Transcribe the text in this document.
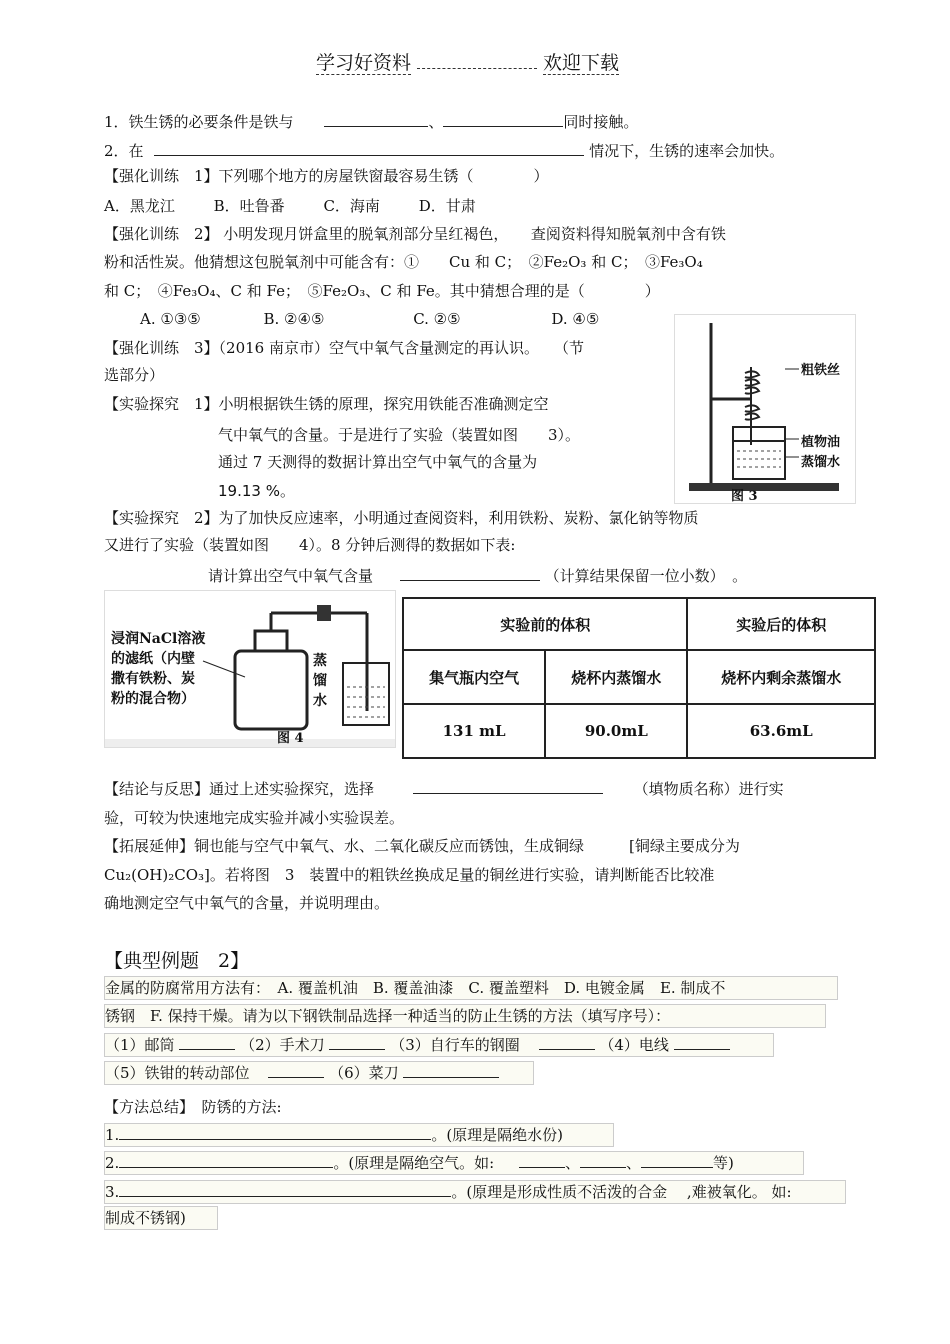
学习好资料	欢迎下载
1．铁生锈的必要条件是铁与	、	同时接触。
2．在	情况下，生锈的速率会加快。
【强化训练　1】下列哪个地方的房屋铁窗最容易生锈（　　　　）
A．黑龙江	B．吐鲁番	C．海南	D．甘肃
【强化训练　2】 小明发现月饼盒里的脱氧剂部分呈红褐色，　　查阅资料得知脱氧剂中含有铁
粉和活性炭。他猜想这包脱氧剂中可能含有：①　　Cu 和 C；　②Fe₂O₃ 和 C；　③Fe₃O₄
和 C；　④Fe₃O₄、C 和 Fe；　⑤Fe₂O₃、C 和 Fe。其中猜想合理的是（　　　　）
A. ①③⑤	B. ②④⑤	C. ②⑤	D. ④⑤
【强化训练　3】（2016 南京市）空气中氧气含量测定的再认识。　　（节
选部分）
【实验探究　1】小明根据铁生锈的原理，探究用铁能否准确测定空
气中氧气的含量。于是进行了实验（装置如图　　3）。
通过 7 天测得的数据计算出空气中氧气的含量为
19.13 %。
粗铁丝
植物油
蒸馏水
图 3
【实验探究　2】为了加快反应速率，小明通过查阅资料，利用铁粉、炭粉、氯化钠等物质
又进行了实验（装置如图　　4）。8 分钟后测得的数据如下表:
请计算出空气中氧气含量	（计算结果保留一位小数）　。
浸润NaCl溶液
的滤纸（内壁
撒有铁粉、炭
粉的混合物）
蒸
馏
水
图 4
实验前的体积		实验后的体积
集气瓶内空气	烧杯内蒸馏水	烧杯内剩余蒸馏水
131 mL	90.0mL	63.6mL
【结论与反思】通过上述实验探究，选择	（填物质名称）进行实
验，可较为快速地完成实验并减小实验误差。
【拓展延伸】铜也能与空气中氧气、水、二氧化碳反应而锈蚀，生成铜绿　　　[铜绿主要成分为
Cu₂(OH)₂CO₃]。若将图　3　装置中的粗铁丝换成足量的铜丝进行实验，请判断能否比较准
确地测定空气中氧气的含量，并说明理由。
【典型例题　2】
金属的防腐常用方法有：　A. 覆盖机油　B. 覆盖油漆　C. 覆盖塑料　D. 电镀金属　E. 制成不
锈钢　F. 保持干燥。请为以下钢铁制品选择一种适当的防止生锈的方法（填写序号）：
（1）邮筒	（2）手术刀	（3）自行车的钢圈	（4）电线
（5）铁钳的转动部位	（6）菜刀
【方法总结】　防锈的方法:
1.	。(原理是隔绝水份)
2.	。(原理是隔绝空气。如:	、	、	等)
3.	。(原理是形成性质不活泼的合金　 ,难被氧化。 如:
制成不锈钢)
